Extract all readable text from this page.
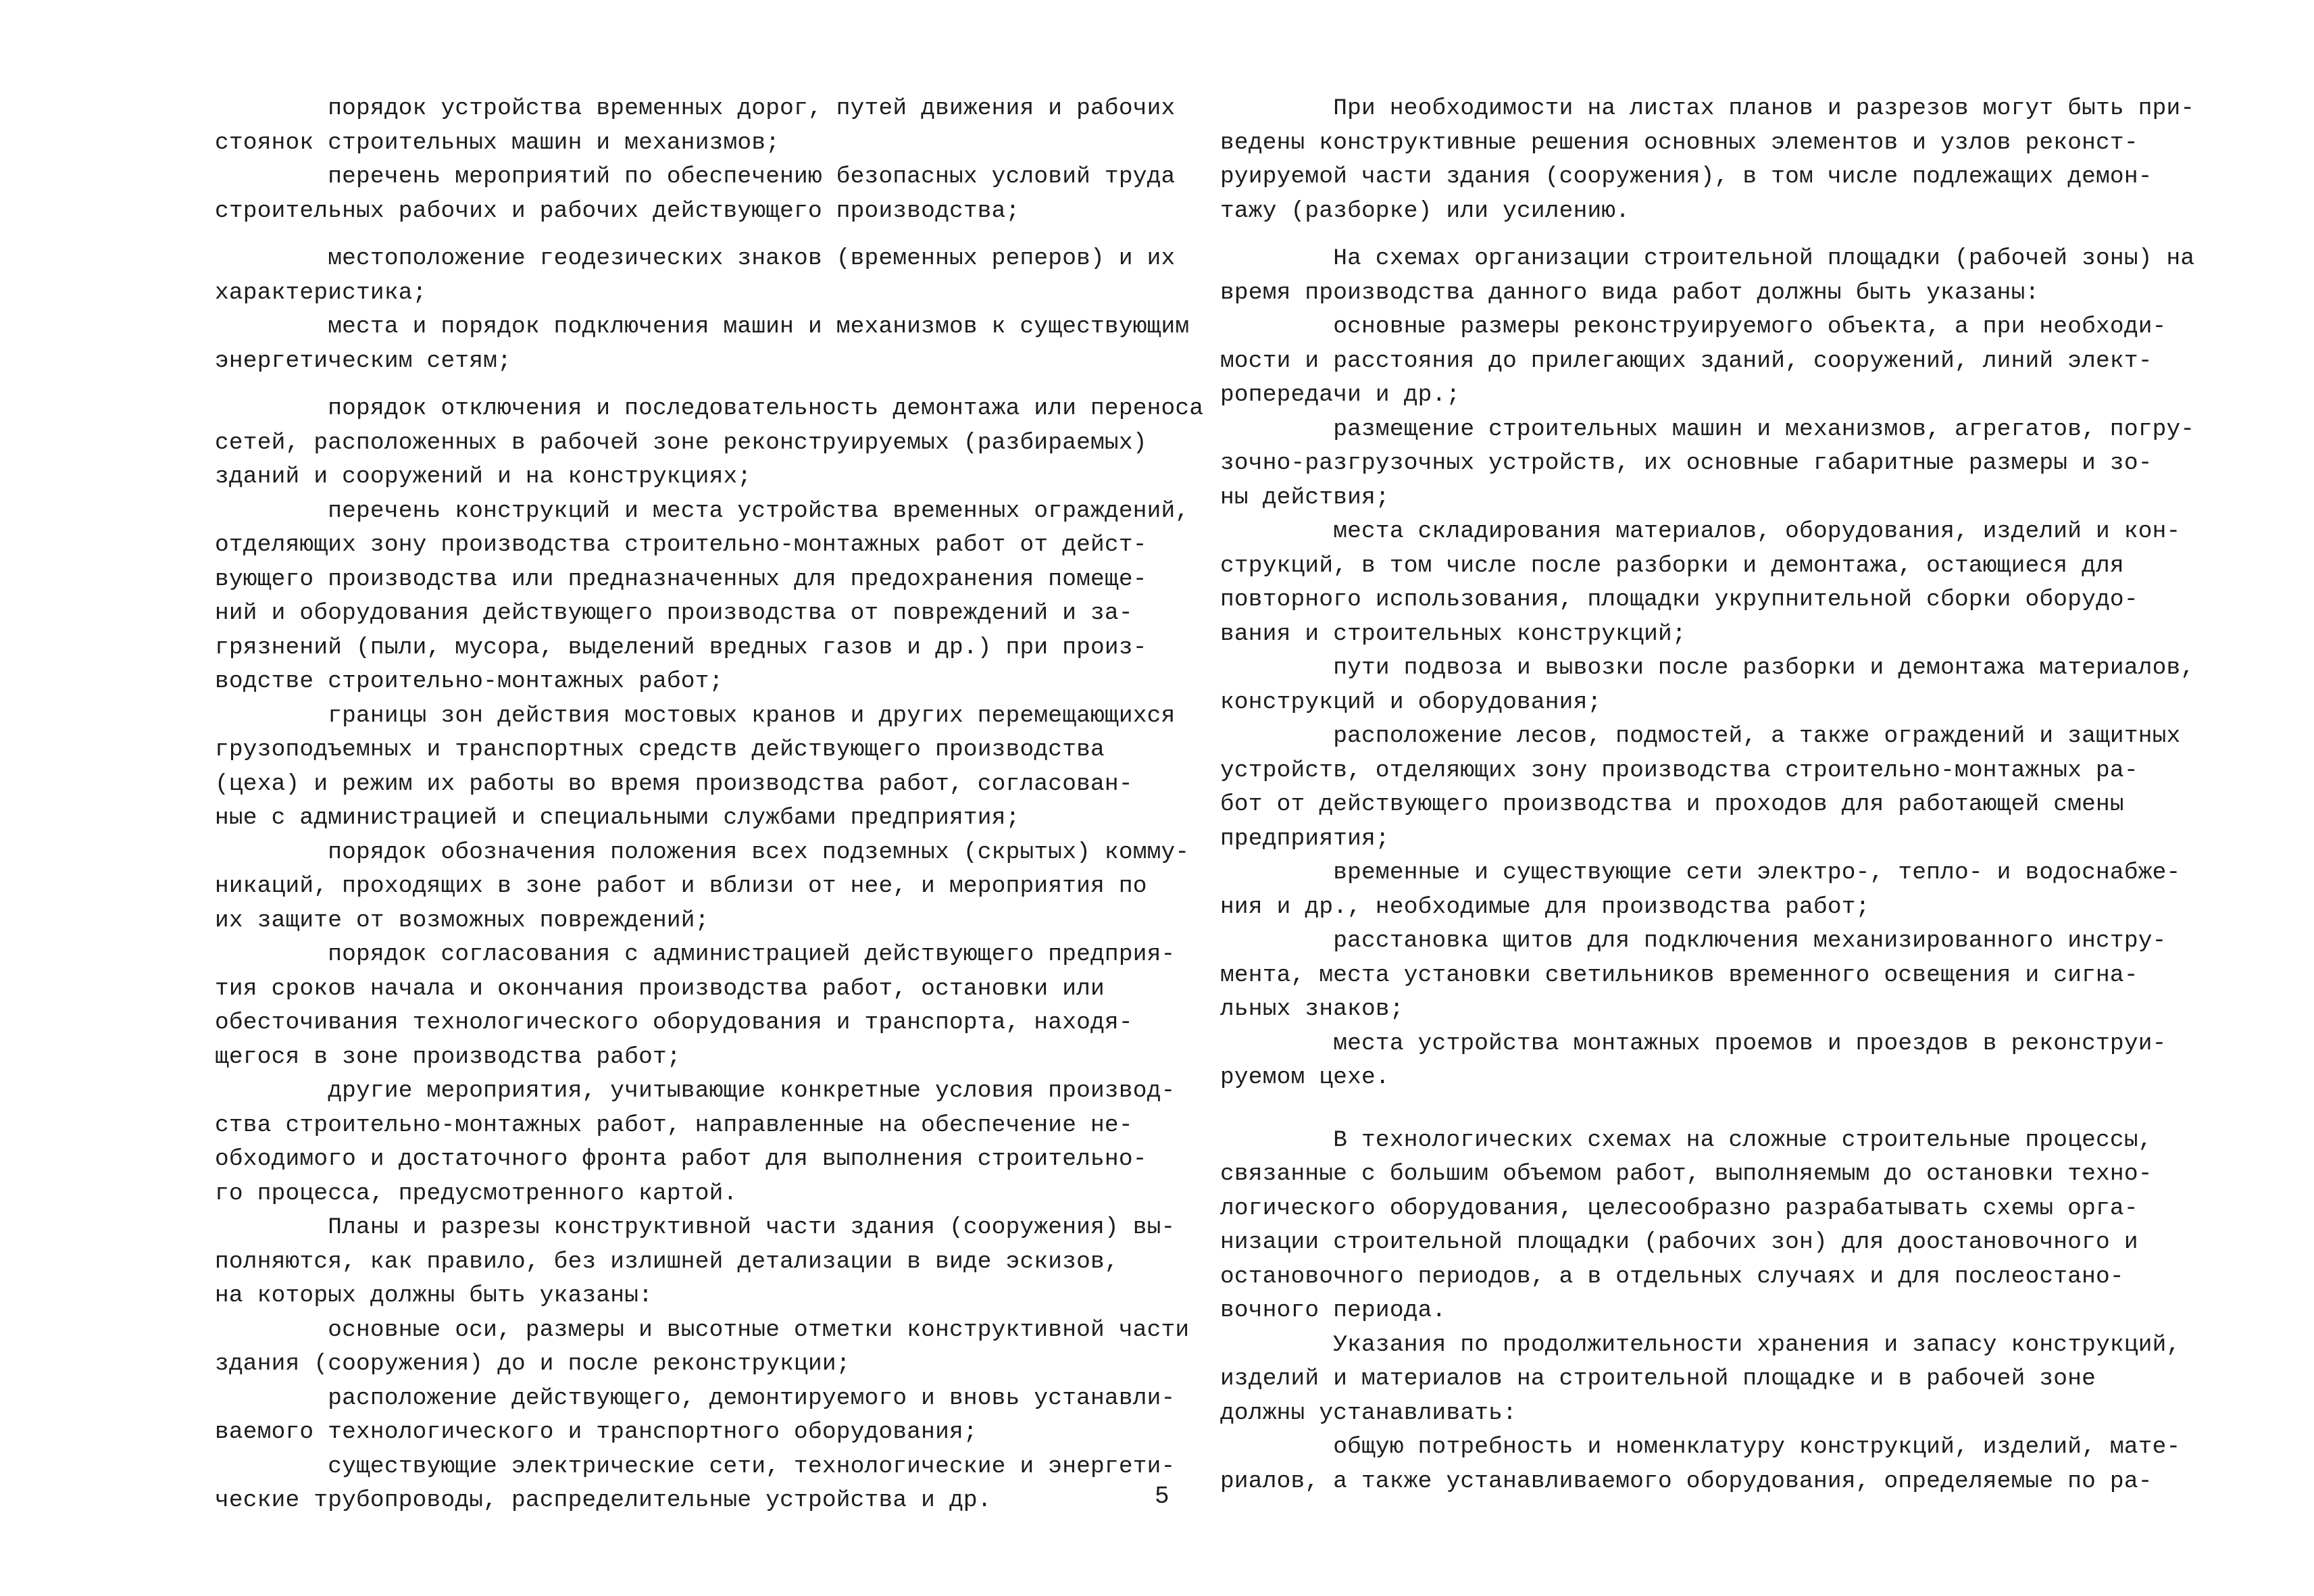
порядок устройства временных дорог, путей движения и рабочих
стоянок строительных машин и механизмов;
перечень мероприятий по обеспечению безопасных условий труда
строительных рабочих и рабочих действующего производства;
местоположение геодезических знаков (временных реперов) и их
характеристика;
места и порядок подключения машин и механизмов к существующим
энергетическим сетям;
порядок отключения и последовательность демонтажа или переноса
сетей, расположенных в рабочей зоне реконструируемых (разбираемых)
зданий и сооружений и на конструкциях;
перечень конструкций и места устройства временных ограждений,
отделяющих зону производства строительно-монтажных работ от дейст-
вующего производства или предназначенных для предохранения помеще-
ний и оборудования действующего производства от повреждений и за-
грязнений (пыли, мусора, выделений вредных газов и др.) при произ-
водстве строительно-монтажных работ;
границы зон действия мостовых кранов и других перемещающихся
грузоподъемных и транспортных средств действующего производства
(цеха) и режим их работы во время производства работ, согласован-
ные с администрацией и специальными службами предприятия;
порядок обозначения положения всех подземных (скрытых) комму-
никаций, проходящих в зоне работ и вблизи от нее, и мероприятия по
их защите от возможных повреждений;
порядок согласования с администрацией действующего предприя-
тия сроков начала и окончания производства работ, остановки или
обесточивания технологического оборудования и транспорта, находя-
щегося в зоне производства работ;
другие мероприятия, учитывающие конкретные условия производ-
ства строительно-монтажных работ, направленные на обеспечение не-
обходимого и достаточного фронта работ для выполнения строительно-
го процесса, предусмотренного картой.
Планы и разрезы конструктивной части здания (сооружения) вы-
полняются, как правило, без излишней детализации в виде эскизов,
на которых должны быть указаны:
основные оси, размеры и высотные отметки конструктивной части
здания (сооружения) до и после реконструкции;
расположение действующего, демонтируемого и вновь устанавли-
ваемого технологического и транспортного оборудования;
существующие электрические сети, технологические и энергети-
ческие трубопроводы, распределительные устройства и др.
При необходимости на листах планов и разрезов могут быть при-
ведены конструктивные решения основных элементов и узлов реконст-
руируемой части здания (сооружения), в том числе подлежащих демон-
тажу (разборке) или усилению.
На схемах организации строительной площадки (рабочей зоны) на
время производства данного вида работ должны быть указаны:
основные размеры реконструируемого объекта, а при необходи-
мости и расстояния до прилегающих зданий, сооружений, линий элект-
ропередачи и др.;
размещение строительных машин и механизмов, агрегатов, погру-
зочно-разгрузочных устройств, их основные габаритные размеры и зо-
ны действия;
места складирования материалов, оборудования, изделий и кон-
струкций, в том числе после разборки и демонтажа, остающиеся для
повторного использования, площадки укрупнительной сборки оборудо-
вания и строительных конструкций;
пути подвоза и вывозки после разборки и демонтажа материалов,
конструкций и оборудования;
расположение лесов, подмостей, а также ограждений и защитных
устройств, отделяющих зону производства строительно-монтажных ра-
бот от действующего производства и проходов для работающей смены
предприятия;
временные и существующие сети электро-, тепло- и водоснабже-
ния и др., необходимые для производства работ;
расстановка щитов для подключения механизированного инстру-
мента, места установки светильников временного освещения и сигна-
льных знаков;
места устройства монтажных проемов и проездов в реконструи-
руемом цехе.
В технологических схемах на сложные строительные процессы,
связанные с большим объемом работ, выполняемым до остановки техно-
логического оборудования, целесообразно разрабатывать схемы орга-
низации строительной площадки (рабочих зон) для доостановочного и
остановочного периодов, а в отдельных случаях и для послеостано-
вочного периода.
Указания по продолжительности хранения и запасу конструкций,
изделий и материалов на строительной площадке и в рабочей зоне
должны устанавливать:
общую потребность и номенклатуру конструкций, изделий, мате-
риалов, а также устанавливаемого оборудования, определяемые по ра-
5
